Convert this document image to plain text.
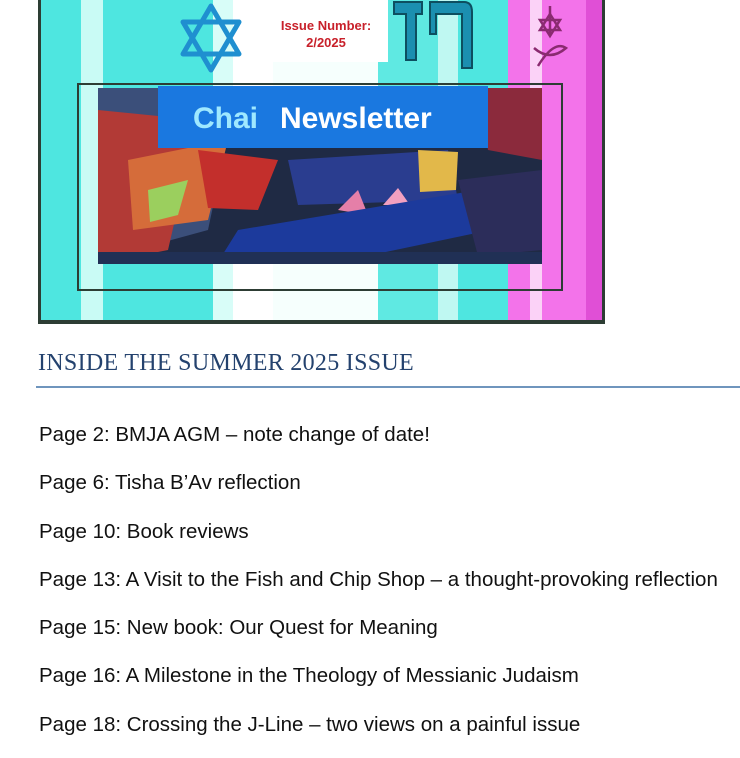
Issue Number:
2/2025
Chai Newsletter
INSIDE THE SUMMER 2025 ISSUE
Page 2: BMJA AGM – note change of date!
Page 6: Tisha B’Av reflection
Page 10: Book reviews
Page 13: A Visit to the Fish and Chip Shop – a thought-provoking reflection
Page 15: New book: Our Quest for Meaning
Page 16: A Milestone in the Theology of Messianic Judaism
Page 18: Crossing the J-Line – two views on a painful issue
